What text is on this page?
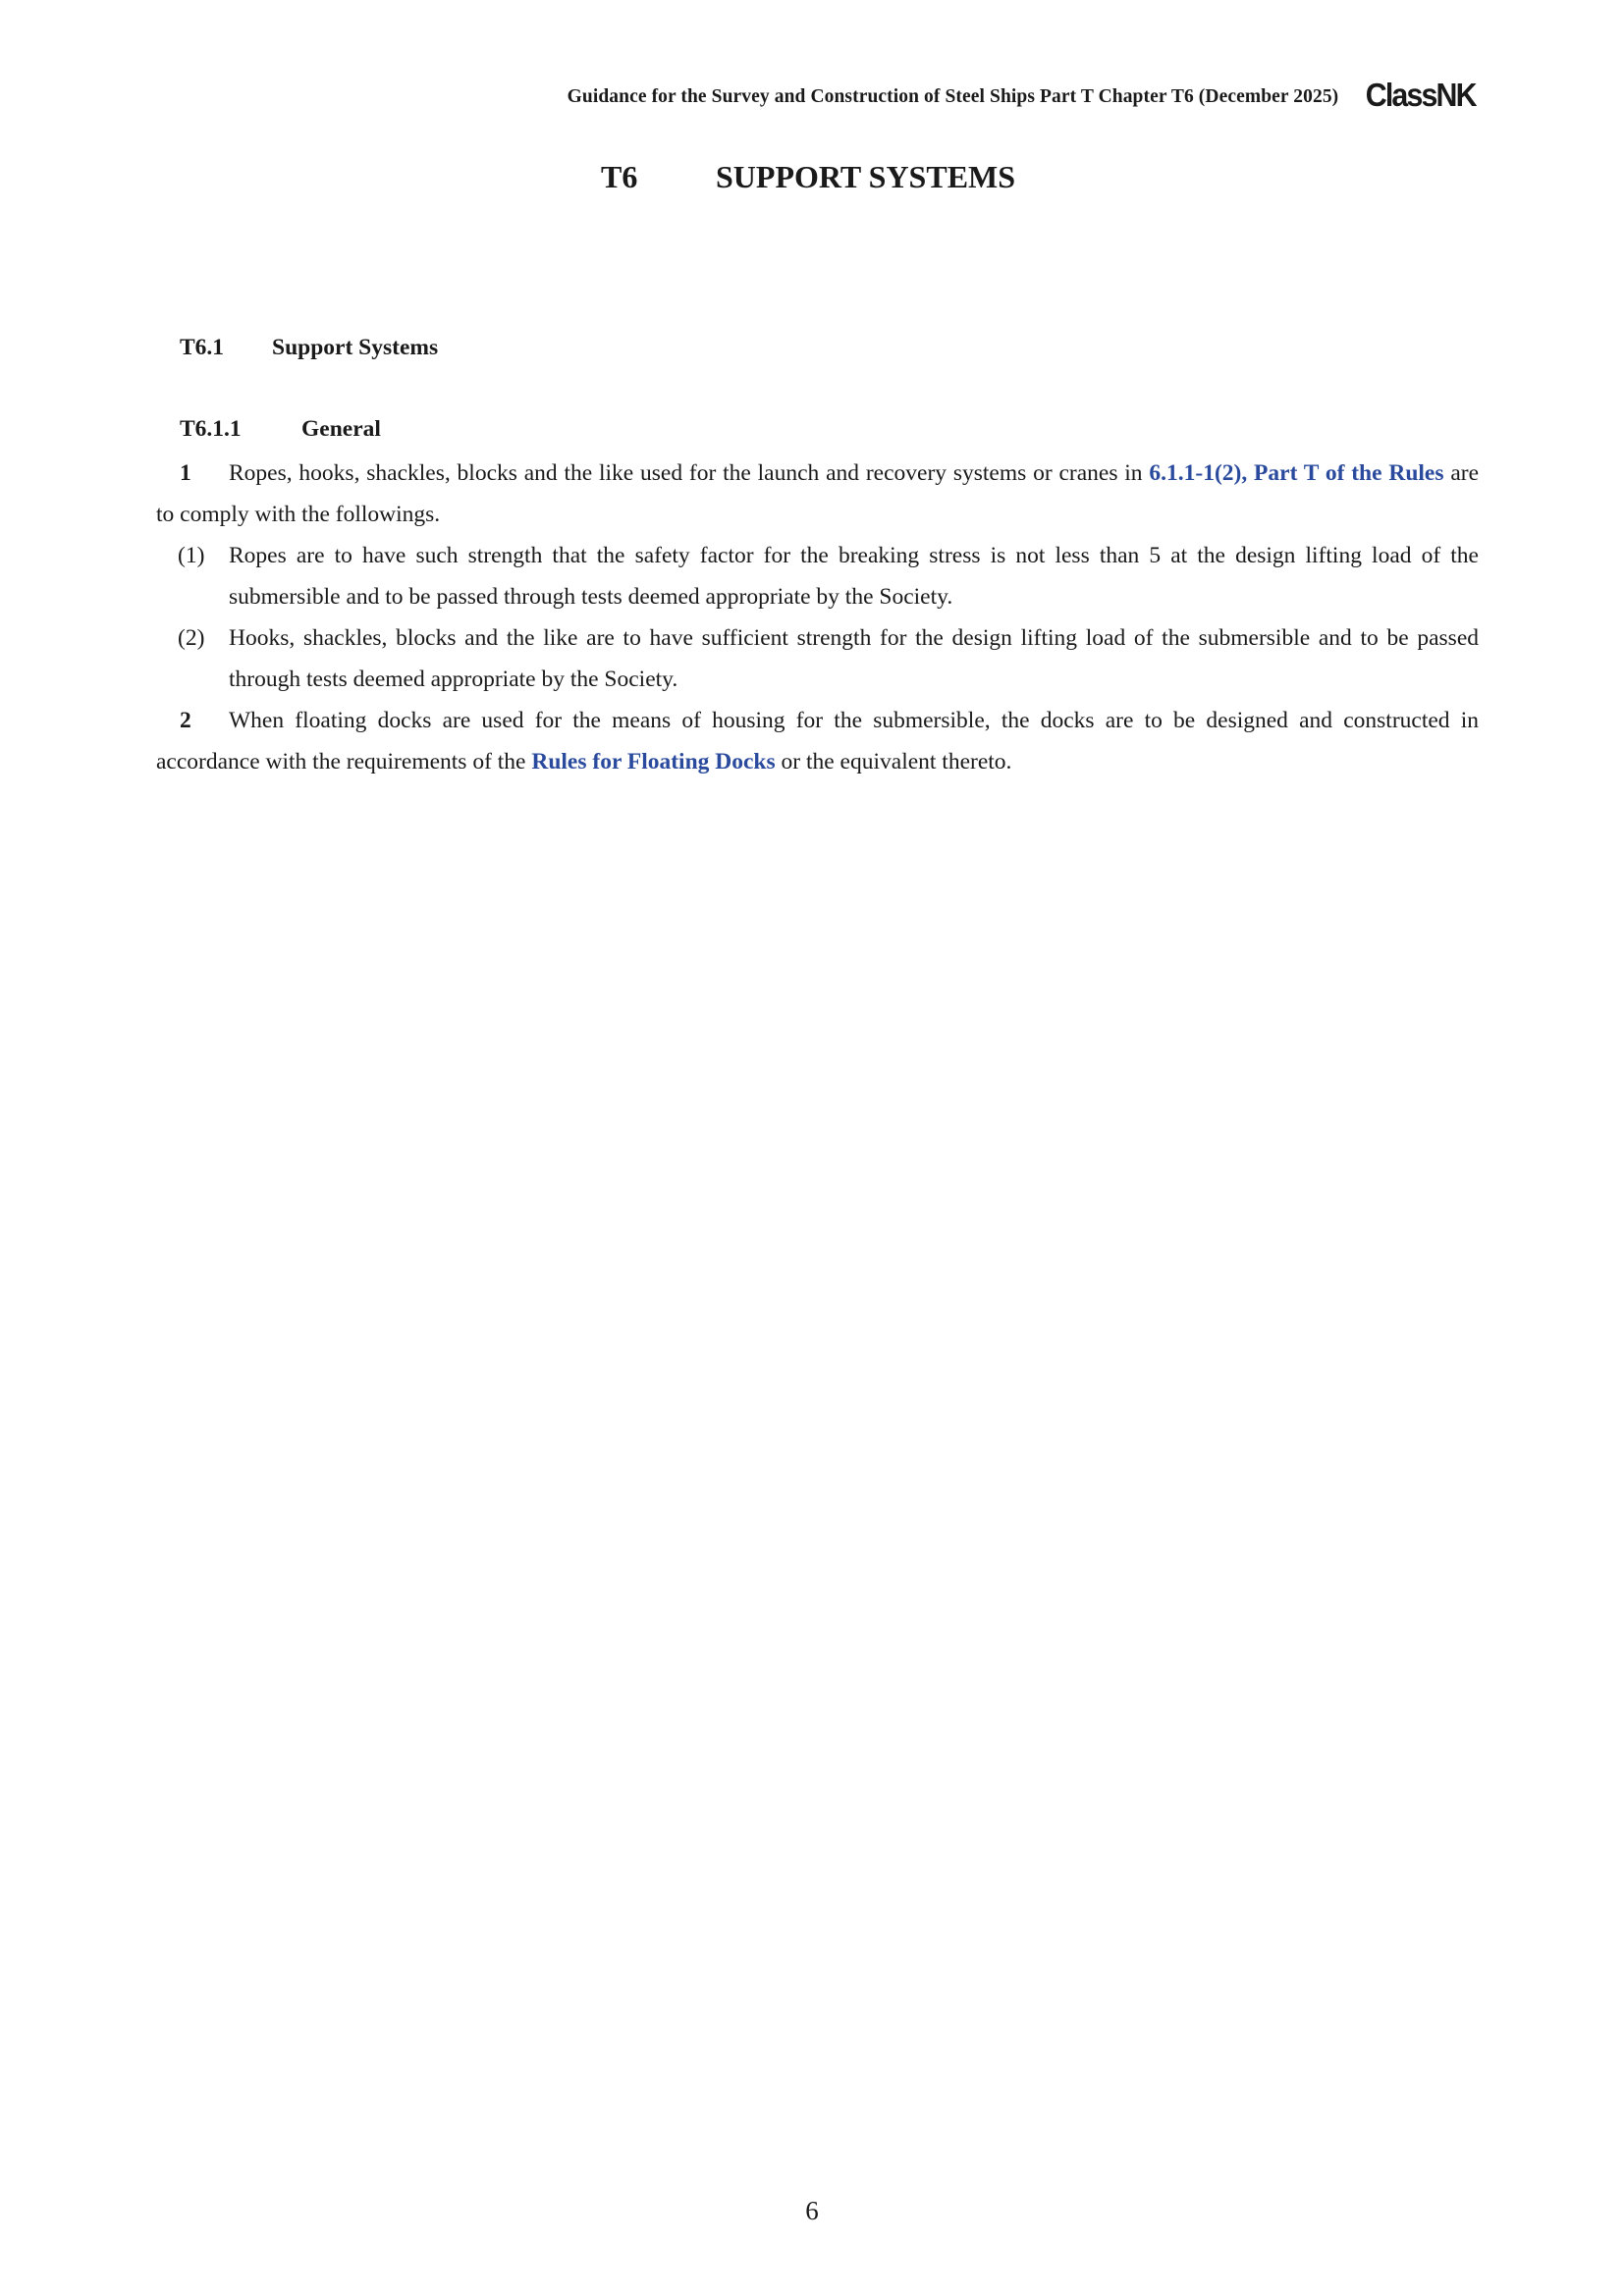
Guidance for the Survey and Construction of Steel Ships Part T Chapter T6 (December 2025) ClassNK
T6 SUPPORT SYSTEMS
T6.1 Support Systems
T6.1.1	General

1 Ropes, hooks, shackles, blocks and the like used for the launch and recovery systems or cranes in 6.1.1-1(2), Part T of the Rules are to comply with the followings.

(1)	Ropes are to have such strength that the safety factor for the breaking stress is not less than 5 at the design lifting load of the submersible and to be passed through tests deemed appropriate by the Society.
(2)	Hooks, shackles, blocks and the like are to have sufficient strength for the design lifting load of the submersible and to be passed through tests deemed appropriate by the Society.

2 When floating docks are used for the means of housing for the submersible, the docks are to be designed and constructed in accordance with the requirements of the Rules for Floating Docks or the equivalent thereto.

6
